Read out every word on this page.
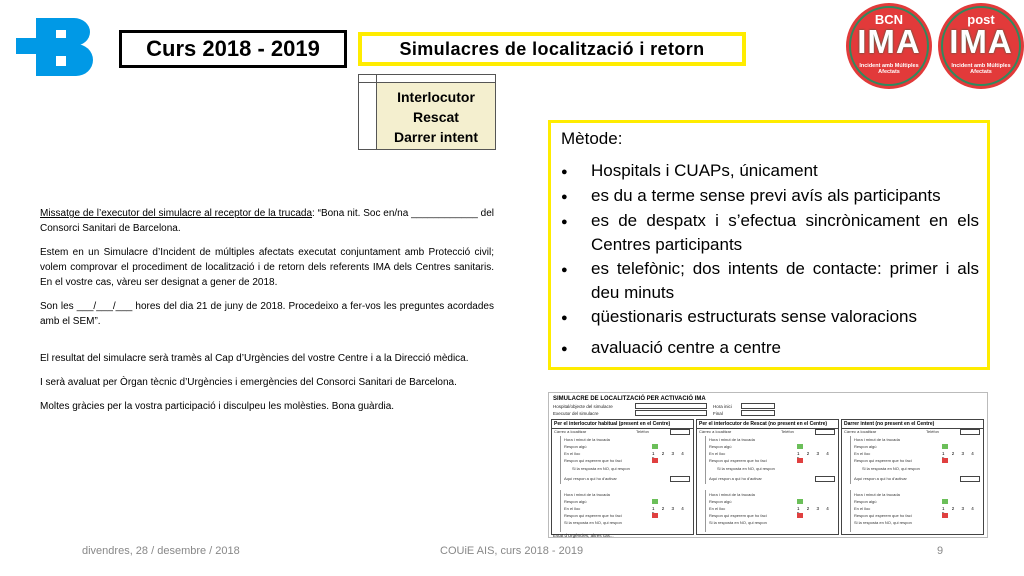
Curs 2018 - 2019	Simulacres de localització i retorn
BCN
IMA
Incident amb Múltiples Afectats
post
IMA
Incident amb Múltiples Afectats
Interlocutor
Rescat
Darrer intent

Missatge de l’executor del simulacre al receptor de la trucada: “Bona nit. Soc en/na ____________ del Consorci Sanitari de Barcelona.

Estem en un Simulacre d’Incident de múltiples afectats executat conjuntament amb Protecció civil; volem comprovar el procediment de localització i de retorn dels referents IMA dels Centres sanitaris. En el vostre cas, vàreu ser designat a gener de 2018.

Son les ___/___/___ hores del dia 21 de juny de 2018. Procedeixo a fer-vos les preguntes acordades amb el SEM”.

El resultat del simulacre serà tramès al Cap d’Urgències del vostre Centre i a la Direcció mèdica.

I serà avaluat per Òrgan tècnic d’Urgències i emergències del Consorci Sanitari de Barcelona.

Moltes gràcies per la vostra participació i disculpeu les molèsties. Bona guàrdia.

Mètode:
●	Hospitals i CUAPs, únicament
●	es du a terme sense previ avís als participants
●	es de despatx i s’efectua sincrònicament en els Centres participants
●	es telefònic; dos intents de contacte: primer i als deu minuts
●	qüestionaris estructurats sense valoracions
●	avaluació centre a centre
SIMULACRE DE LOCALITZACIÓ PER ACTIVACIÓ IMA
Hospital/objecte del simulacre
Executor del simulacre
Hora inici
Final
Per el interlocutor habitual (present en el Centre)
Càrrec a localitzar	Telèfon
Hora i minut de la trucada
Respon algú
En el lloc	1 2 3 4
Respon qui esperem que ho faci
Si la resposta en NO, qui respon
Aquí respon a qui ho d'activar
Hora i minut de la trucada
Respon algú
En el lloc	1 2 3 4
Respon qui esperem que ho faci
Si la resposta en NO, qui respon
Per el interlocutor de Rescat (no present en el Centre)
Càrrec a localitzar	Telèfon
Hora i minut de la trucada
Respon algú
En el lloc	1 2 3 4
Respon qui esperem que ho faci
Si la resposta en NO, qui respon
Aquí respon a qui ho d'activar
Hora i minut de la trucada
Respon algú
En el lloc	1 2 3 4
Respon qui esperem que ho faci
Si la resposta en NO, qui respon
Darrer intent (no present en el Centre)
Càrrec a localitzar	Telèfon
Hora i minut de la trucada
Respon algú
En el lloc	1 2 3 4
Respon qui esperem que ho faci
Si la resposta en NO, qui respon
Aquí respon a qui ho d'activar
Hora i minut de la trucada
Respon algú
En el lloc	1 2 3 4
Respon qui esperem que ho faci
Si la resposta en NO, qui respon
Estat d'Urgències, altres cas...
divendres, 28 / desembre / 2018	COUiE AIS, curs 2018 - 2019	9
